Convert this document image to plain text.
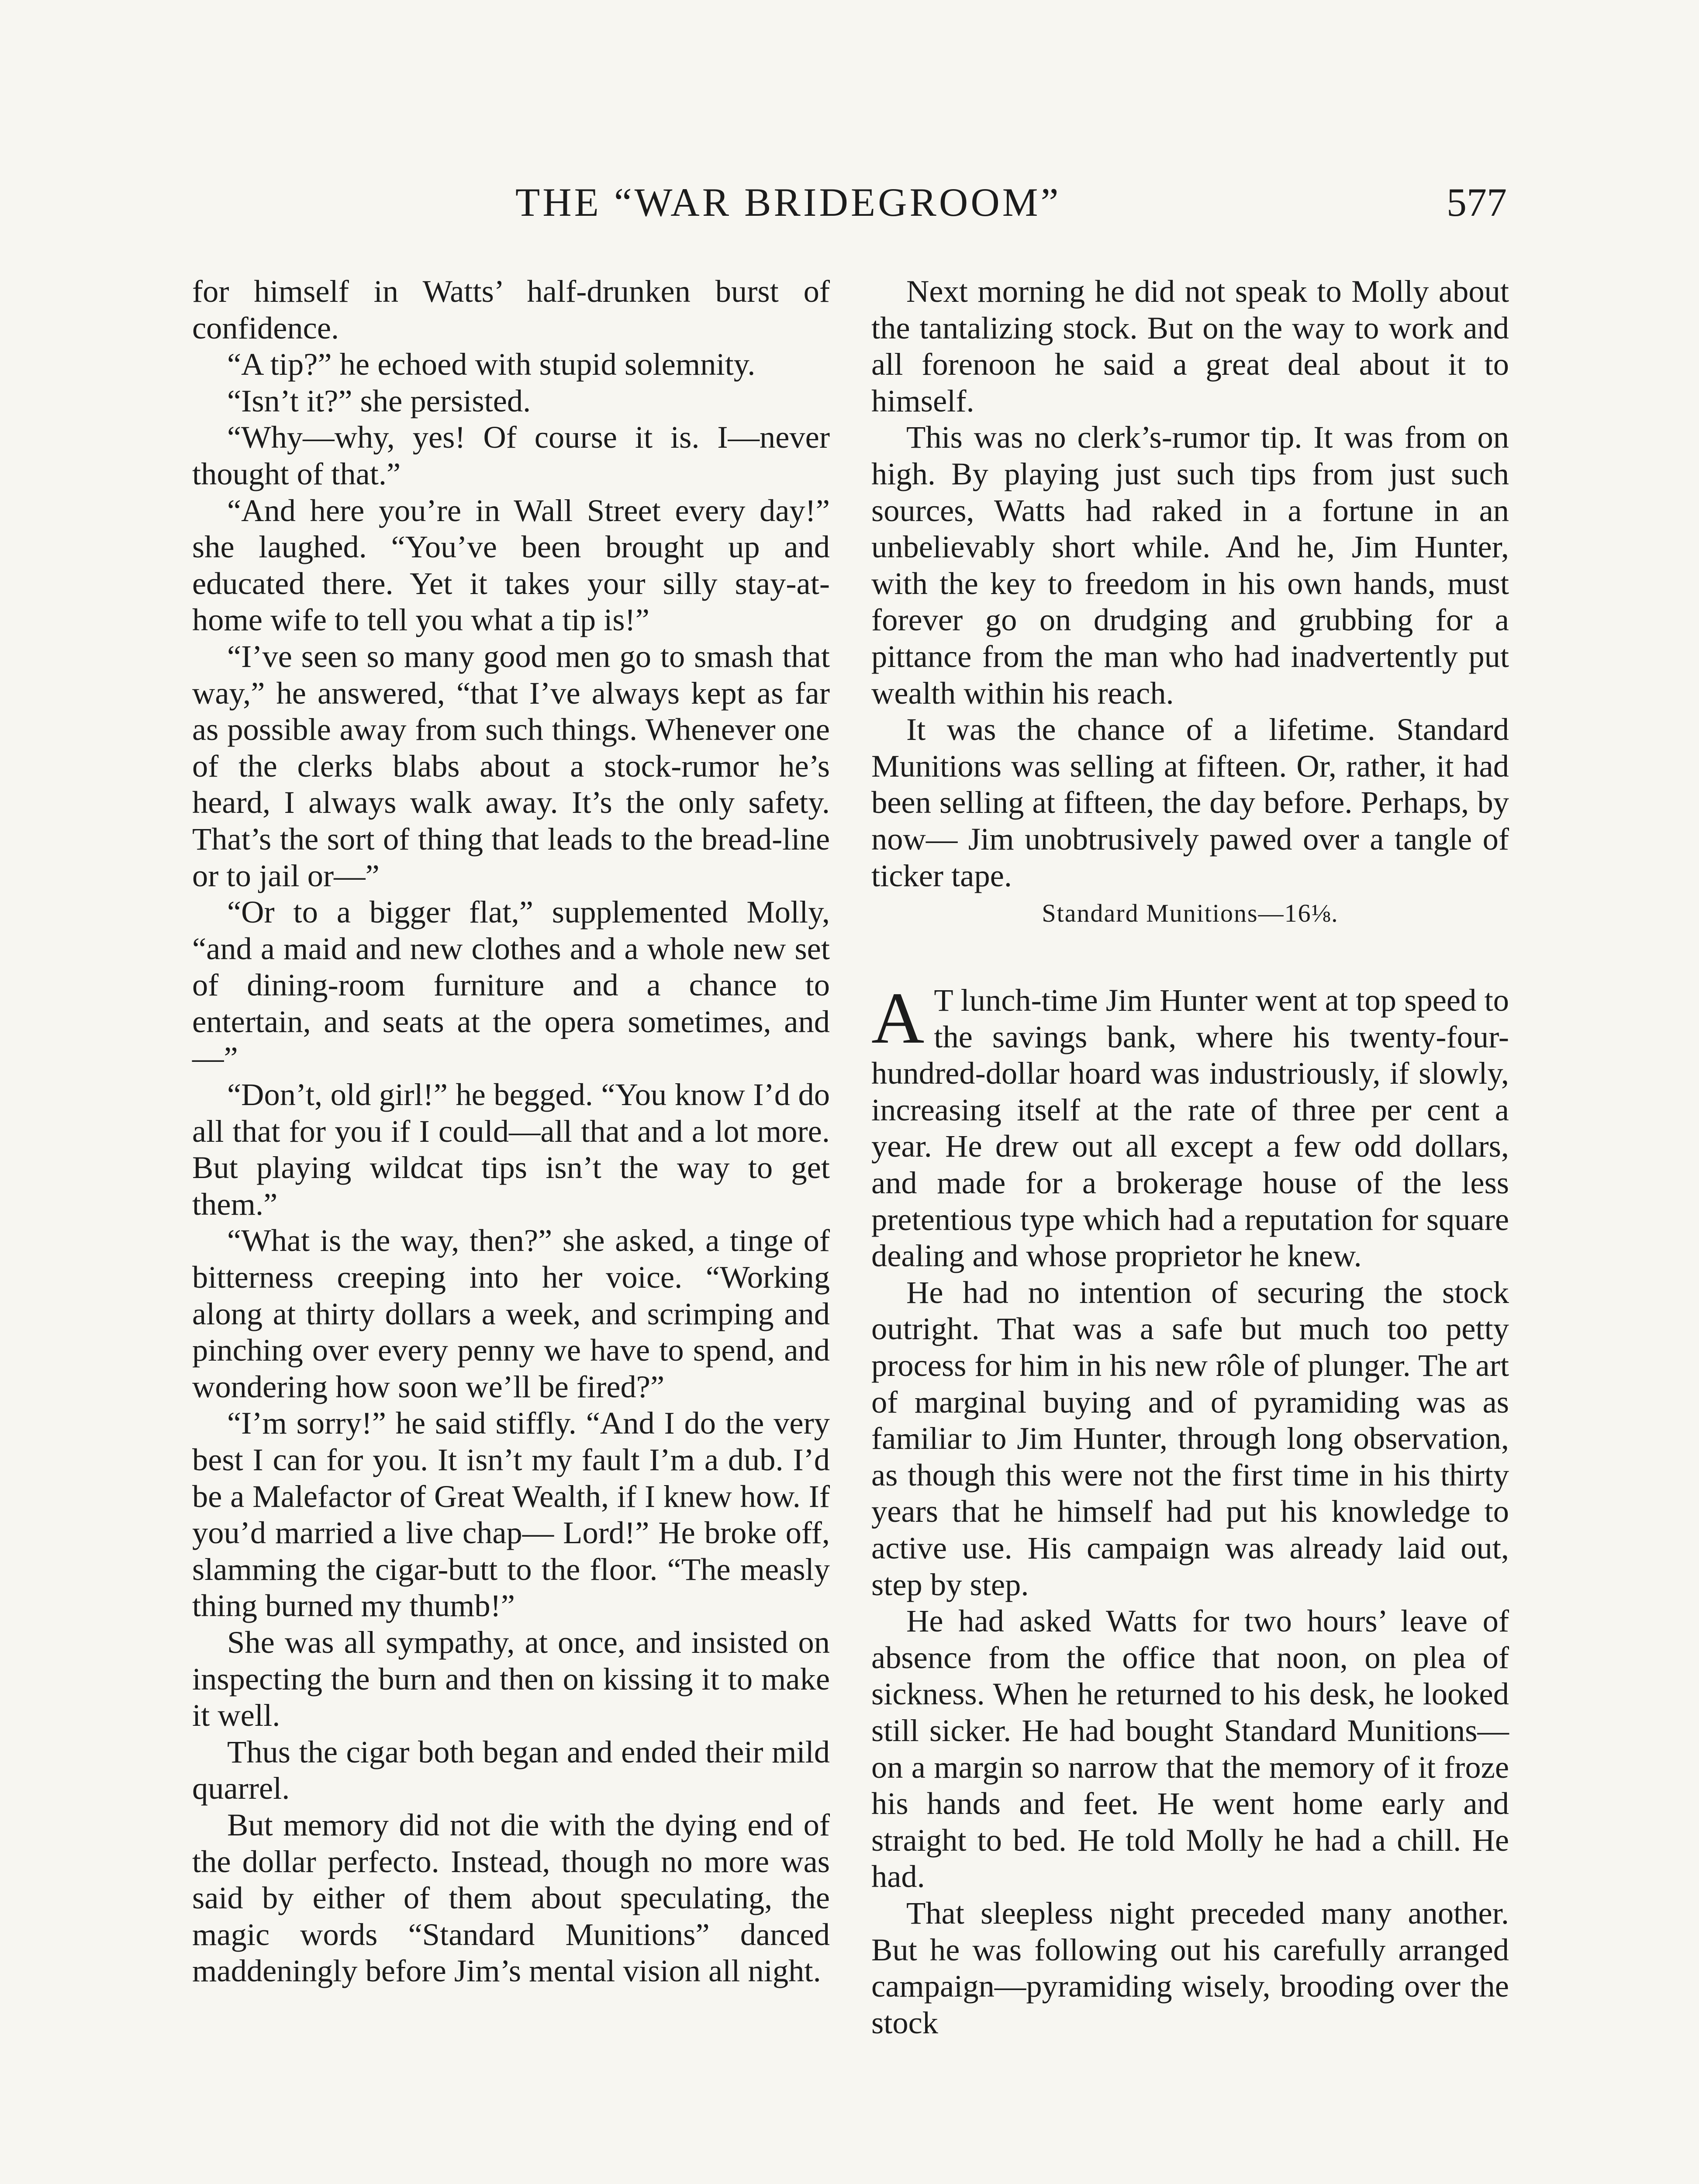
THE “WAR BRIDEGROOM”	577

for himself in Watts’ half-drunken burst of confidence.

“A tip?” he echoed with stupid solemnity.

“Isn’t it?” she persisted.

“Why—why, yes! Of course it is. I—never thought of that.”

“And here you’re in Wall Street every day!” she laughed. “You’ve been brought up and educated there. Yet it takes your silly stay-at-home wife to tell you what a tip is!”

“I’ve seen so many good men go to smash that way,” he answered, “that I’ve always kept as far as possible away from such things. Whenever one of the clerks blabs about a stock-rumor he’s heard, I always walk away. It’s the only safety. That’s the sort of thing that leads to the bread-line or to jail or—”

“Or to a bigger flat,” supplemented Molly, “and a maid and new clothes and a whole new set of dining-room furniture and a chance to entertain, and seats at the opera sometimes, and—”

“Don’t, old girl!” he begged. “You know I’d do all that for you if I could—all that and a lot more. But playing wildcat tips isn’t the way to get them.”

“What is the way, then?” she asked, a tinge of bitterness creeping into her voice. “Working along at thirty dollars a week, and scrimping and pinching over every penny we have to spend, and wondering how soon we’ll be fired?”

“I’m sorry!” he said stiffly. “And I do the very best I can for you. It isn’t my fault I’m a dub. I’d be a Malefactor of Great Wealth, if I knew how. If you’d married a live chap— Lord!” He broke off, slamming the cigar-butt to the floor. “The measly thing burned my thumb!”

She was all sympathy, at once, and insisted on inspecting the burn and then on kissing it to make it well.

Thus the cigar both began and ended their mild quarrel.

But memory did not die with the dying end of the dollar perfecto. Instead, though no more was said by either of them about speculating, the magic words “Standard Munitions” danced maddeningly before Jim’s mental vision all night.

Next morning he did not speak to Molly about the tantalizing stock. But on the way to work and all forenoon he said a great deal about it to himself.

This was no clerk’s-rumor tip. It was from on high. By playing just such tips from just such sources, Watts had raked in a fortune in an unbelievably short while. And he, Jim Hunter, with the key to freedom in his own hands, must forever go on drudging and grubbing for a pittance from the man who had inadvertently put wealth within his reach.

It was the chance of a lifetime. Standard Munitions was selling at fifteen. Or, rather, it had been selling at fifteen, the day before. Perhaps, by now— Jim unobtrusively pawed over a tangle of ticker tape.

Standard Munitions—16⅛.

A T lunch-time Jim Hunter went at top speed to the savings bank, where his twenty-four-hundred-dollar hoard was industriously, if slowly, increasing itself at the rate of three per cent a year. He drew out all except a few odd dollars, and made for a brokerage house of the less pretentious type which had a reputation for square dealing and whose proprietor he knew.

He had no intention of securing the stock outright. That was a safe but much too petty process for him in his new rôle of plunger. The art of marginal buying and of pyramiding was as familiar to Jim Hunter, through long observation, as though this were not the first time in his thirty years that he himself had put his knowledge to active use. His campaign was already laid out, step by step.

He had asked Watts for two hours’ leave of absence from the office that noon, on plea of sickness. When he returned to his desk, he looked still sicker. He had bought Standard Munitions—on a margin so narrow that the memory of it froze his hands and feet. He went home early and straight to bed. He told Molly he had a chill. He had.

That sleepless night preceded many another. But he was following out his carefully arranged campaign—pyramiding wisely, brooding over the stock
